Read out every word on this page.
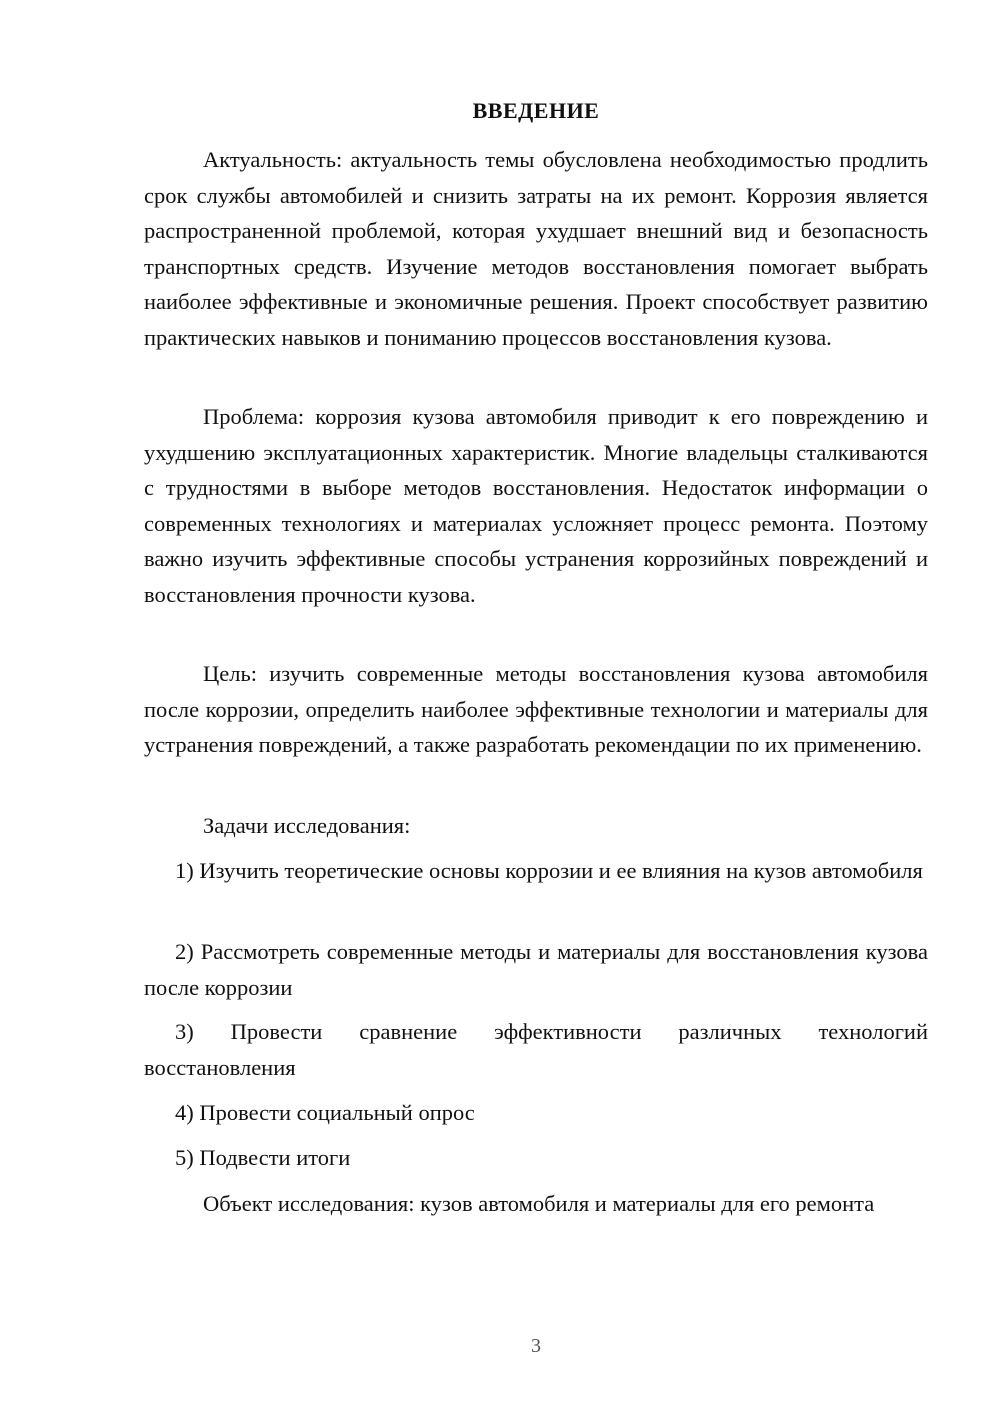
ВВЕДЕНИЕ

Актуальность: актуальность темы обусловлена необходимостью продлить срок службы автомобилей и снизить затраты на их ремонт. Коррозия является распространенной проблемой, которая ухудшает внешний вид и безопасность транспортных средств. Изучение методов восстановления помогает выбрать наиболее эффективные и экономичные решения. Проект способствует развитию практических навыков и пониманию процессов восстановления кузова.

Проблема: коррозия кузова автомобиля приводит к его повреждению и ухудшению эксплуатационных характеристик. Многие владельцы сталкиваются с трудностями в выборе методов восстановления. Недостаток информации о современных технологиях и материалах усложняет процесс ремонта. Поэтому важно изучить эффективные способы устранения коррозийных повреждений и восстановления прочности кузова.

Цель: изучить современные методы восстановления кузова автомобиля после коррозии, определить наиболее эффективные технологии и материалы для устранения повреждений, а также разработать рекомендации по их применению.

Задачи исследования:

1) Изучить теоретические основы коррозии и ее влияния на кузов автомобиля

2) Рассмотреть современные методы и материалы для восстановления кузова после коррозии

3) Провести сравнение эффективности различных технологий восстановления

4) Провести социальный опрос

5) Подвести итоги

Объект исследования: кузов автомобиля и материалы для его ремонта

3
